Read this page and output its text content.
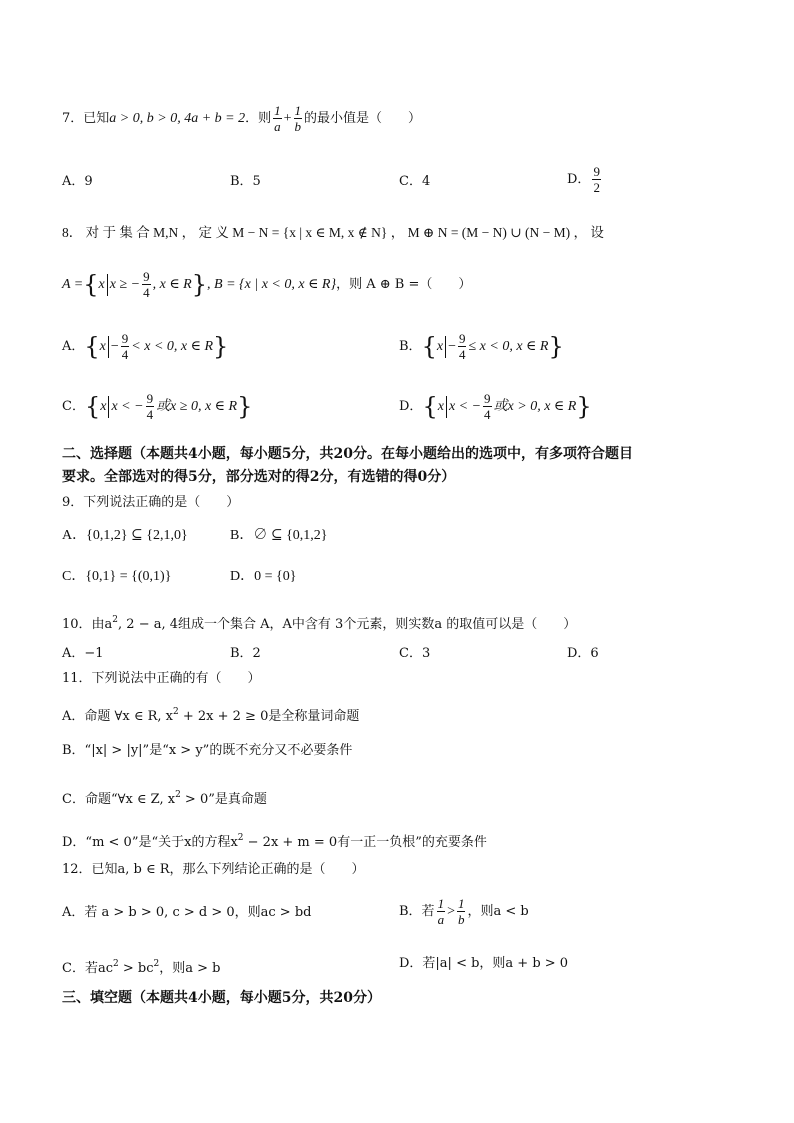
7．已知a > 0, b > 0, 4a + b = 2．则 $\frac{1}{a} + \frac{1}{b}$ 的最小值是（　　）
A．9	B．5	C．4	D． $\frac{9}{2}$
8． 对 于 集 合 M,N ， 定 义 M − N = {x | x ∈ M, x ∉ N} ， M ⊕ N = (M − N) ∪ (N − M) ， 设
A ={x x ≥ − $\frac{9}{4}$ , x ∈ R}, B = {x | x < 0, x ∈ R}，则 A ⊕ B =（　　）
A．{$x - \frac{9}{4} < x < 0$, x ∈ R}	B．{$x - \frac{9}{4} \le x < 0$, x ∈ R}
C．{x x < − $\frac{9}{4}$ 或x ≥ 0, x ∈ R}	D．{x x < − $\frac{9}{4}$ 或x > 0, x ∈ R}
二、选择题（本题共4小题，每小题5分，共20分。在每小题给出的选项中，有多项符合题目
要求。全部选对的得5分，部分选对的得2分，有选错的得0分）
9．下列说法正确的是（　　）
A．{0,1,2} ⊆ {2,1,0}	B．∅ ⊆ {0,1,2}
C．{0,1} = {(0,1)}	D．0 = {0}
10．由$a^2$, 2 − a, 4组成一个集合 A，A中含有 3个元素，则实数a 的取值可以是（　　）
A．−1	B．2	C．3	D．6
11．下列说法中正确的有（　　）
A．命题 ∀x ∈ R, $x^2 + 2x + 2 \ge 0$是全称量词命题
B．“|x| > |y|”是“x > y”的既不充分又不必要条件
C．命题“∀x ∈ Z, $x^2 > 0$”是真命题
D．“m < 0”是“关于x的方程$x^2 - 2x + m = 0$有一正一负根”的充要条件
12．已知a, b ∈ R，那么下列结论正确的是（　　）
A．若 a > b > 0, c > d > 0，则ac > bd	B．若 $\frac{1}{a} > \frac{1}{b}$ ，则a < b
C．若$ac^2 > bc^2$，则a > b	D．若|a| < b，则a + b > 0
三、填空题（本题共4小题，每小题5分，共20分）
